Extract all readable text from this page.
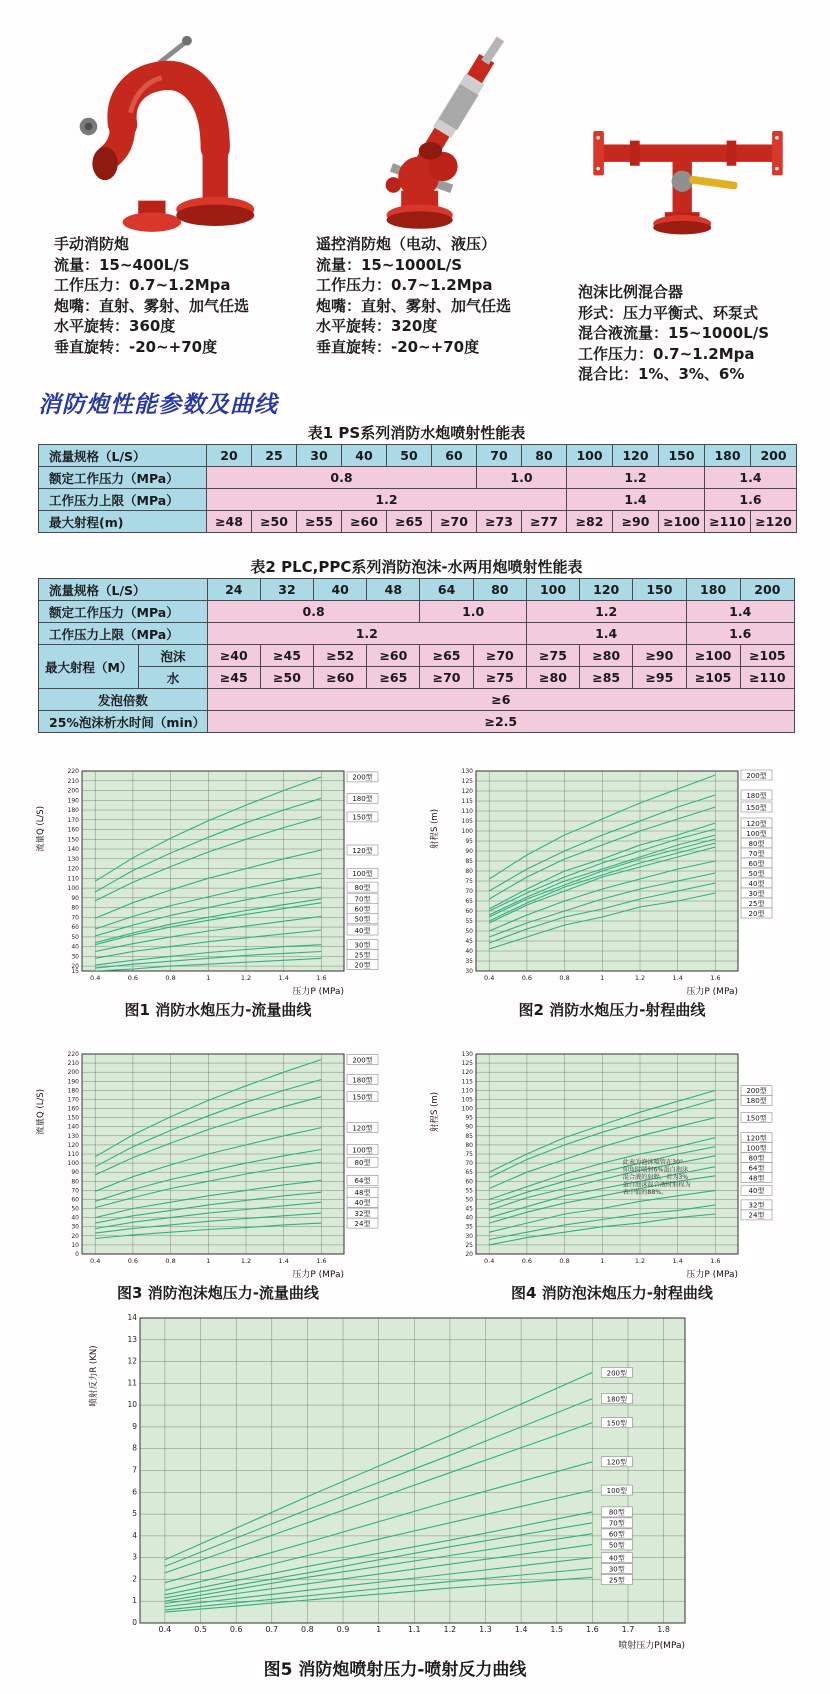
手动消防炮
流量：15~400L/S
工作压力：0.7~1.2Mpa
炮嘴：直射、雾射、加气任选
水平旋转：360度
垂直旋转：-20~+70度
遥控消防炮（电动、液压）
流量：15~1000L/S
工作压力：0.7~1.2Mpa
炮嘴：直射、雾射、加气任选
水平旋转：320度
垂直旋转：-20~+70度
泡沫比例混合器
形式：压力平衡式、环泵式
混合液流量：15~1000L/S
工作压力：0.7~1.2Mpa
混合比：1%、3%、6%
消防炮性能参数及曲线
表1 PS系列消防水炮喷射性能表
流量规格（L/S）	20	25	30	40	50	60	70	80	100	120	150	180	200
额定工作压力（MPa）	0.8						1.0		1.2			1.4	
工作压力上限（MPa）	1.2								1.4			1.6	
最大射程(m)	≥48	≥50	≥55	≥60	≥65	≥70	≥73	≥77	≥82	≥90	≥100	≥110	≥120
表2 PLC,PPC系列消防泡沫-水两用炮喷射性能表
流量规格（L/S）		24	32	40	48	64	80	100	120	150	180	200
额定工作压力（MPa）		0.8				1.0		1.2			1.4	
工作压力上限（MPa）		1.2						1.4			1.6	
最大射程（M）	泡沫	≥40	≥45	≥52	≥60	≥65	≥70	≥75	≥80	≥90	≥100	≥105
	水	≥45	≥50	≥60	≥65	≥70	≥75	≥80	≥85	≥95	≥105	≥110
发泡倍数		≥6										
25%泡沫析水时间（min）		≥2.5										
15
20
30
40
50
60
70
80
90
100
110
120
130
140
150
160
170
180
190
200
210
220
0.4	0.6	0.8	1	1.2	1.4	1.6
200型
180型
150型
120型
100型
80型
70型
60型
50型
40型
30型
25型
20型
流量Q (L/S)
压力P (MPa)
图1 消防水炮压力-流量曲线
30
35
40
45
50
55
60
65
70
75
80
85
90
95
100
105
110
115
120
125
130
0.4	0.6	0.8	1	1.2	1.4	1.6
200型
180型
150型
120型
100型
80型
70型
60型
50型
40型
30型
25型
20型
射程S (m)
压力P (MPa)
图2 消防水炮压力-射程曲线
0
10
20
30
40
50
60
70
80
90
100
110
120
130
140
150
160
170
180
190
200
210
220
0.4	0.6	0.8	1	1.2	1.4	1.6
200型
180型
150型
120型
100型
80型
64型
48型
40型
32型
24型
流量Q (L/S)
压力P (MPa)
图3 消防泡沫炮压力-流量曲线
20
25
30
35
40
45
50
55
60
65
70
75
80
85
90
95
100
105
110
115
120
125
130
0.4	0.6	0.8	1	1.2	1.4	1.6
200型
180型
150型
120型
100型
80型
64型
48型
40型
32型
24型
射程S (m)
压力P (MPa)
此表为泡沫喷管在30°
仰角时喷射6%蛋白泡沫
混合液的射程，若为3%
蛋白泡沫混合液时射程为
表中值的88%。
图4 消防泡沫炮压力-射程曲线
0
1
2
3
4
5
6
7
8
9
10
11
12
13
14
0.4	0.5	0.6	0.7	0.8	0.9	1	1.1	1.2	1.3	1.4	1.5	1.6	1.7	1.8
200型
180型
150型
120型
100型
80型
70型
60型
50型
40型
30型
25型
喷射反力R (KN)
喷射压力P(MPa)
图5 消防炮喷射压力-喷射反力曲线
